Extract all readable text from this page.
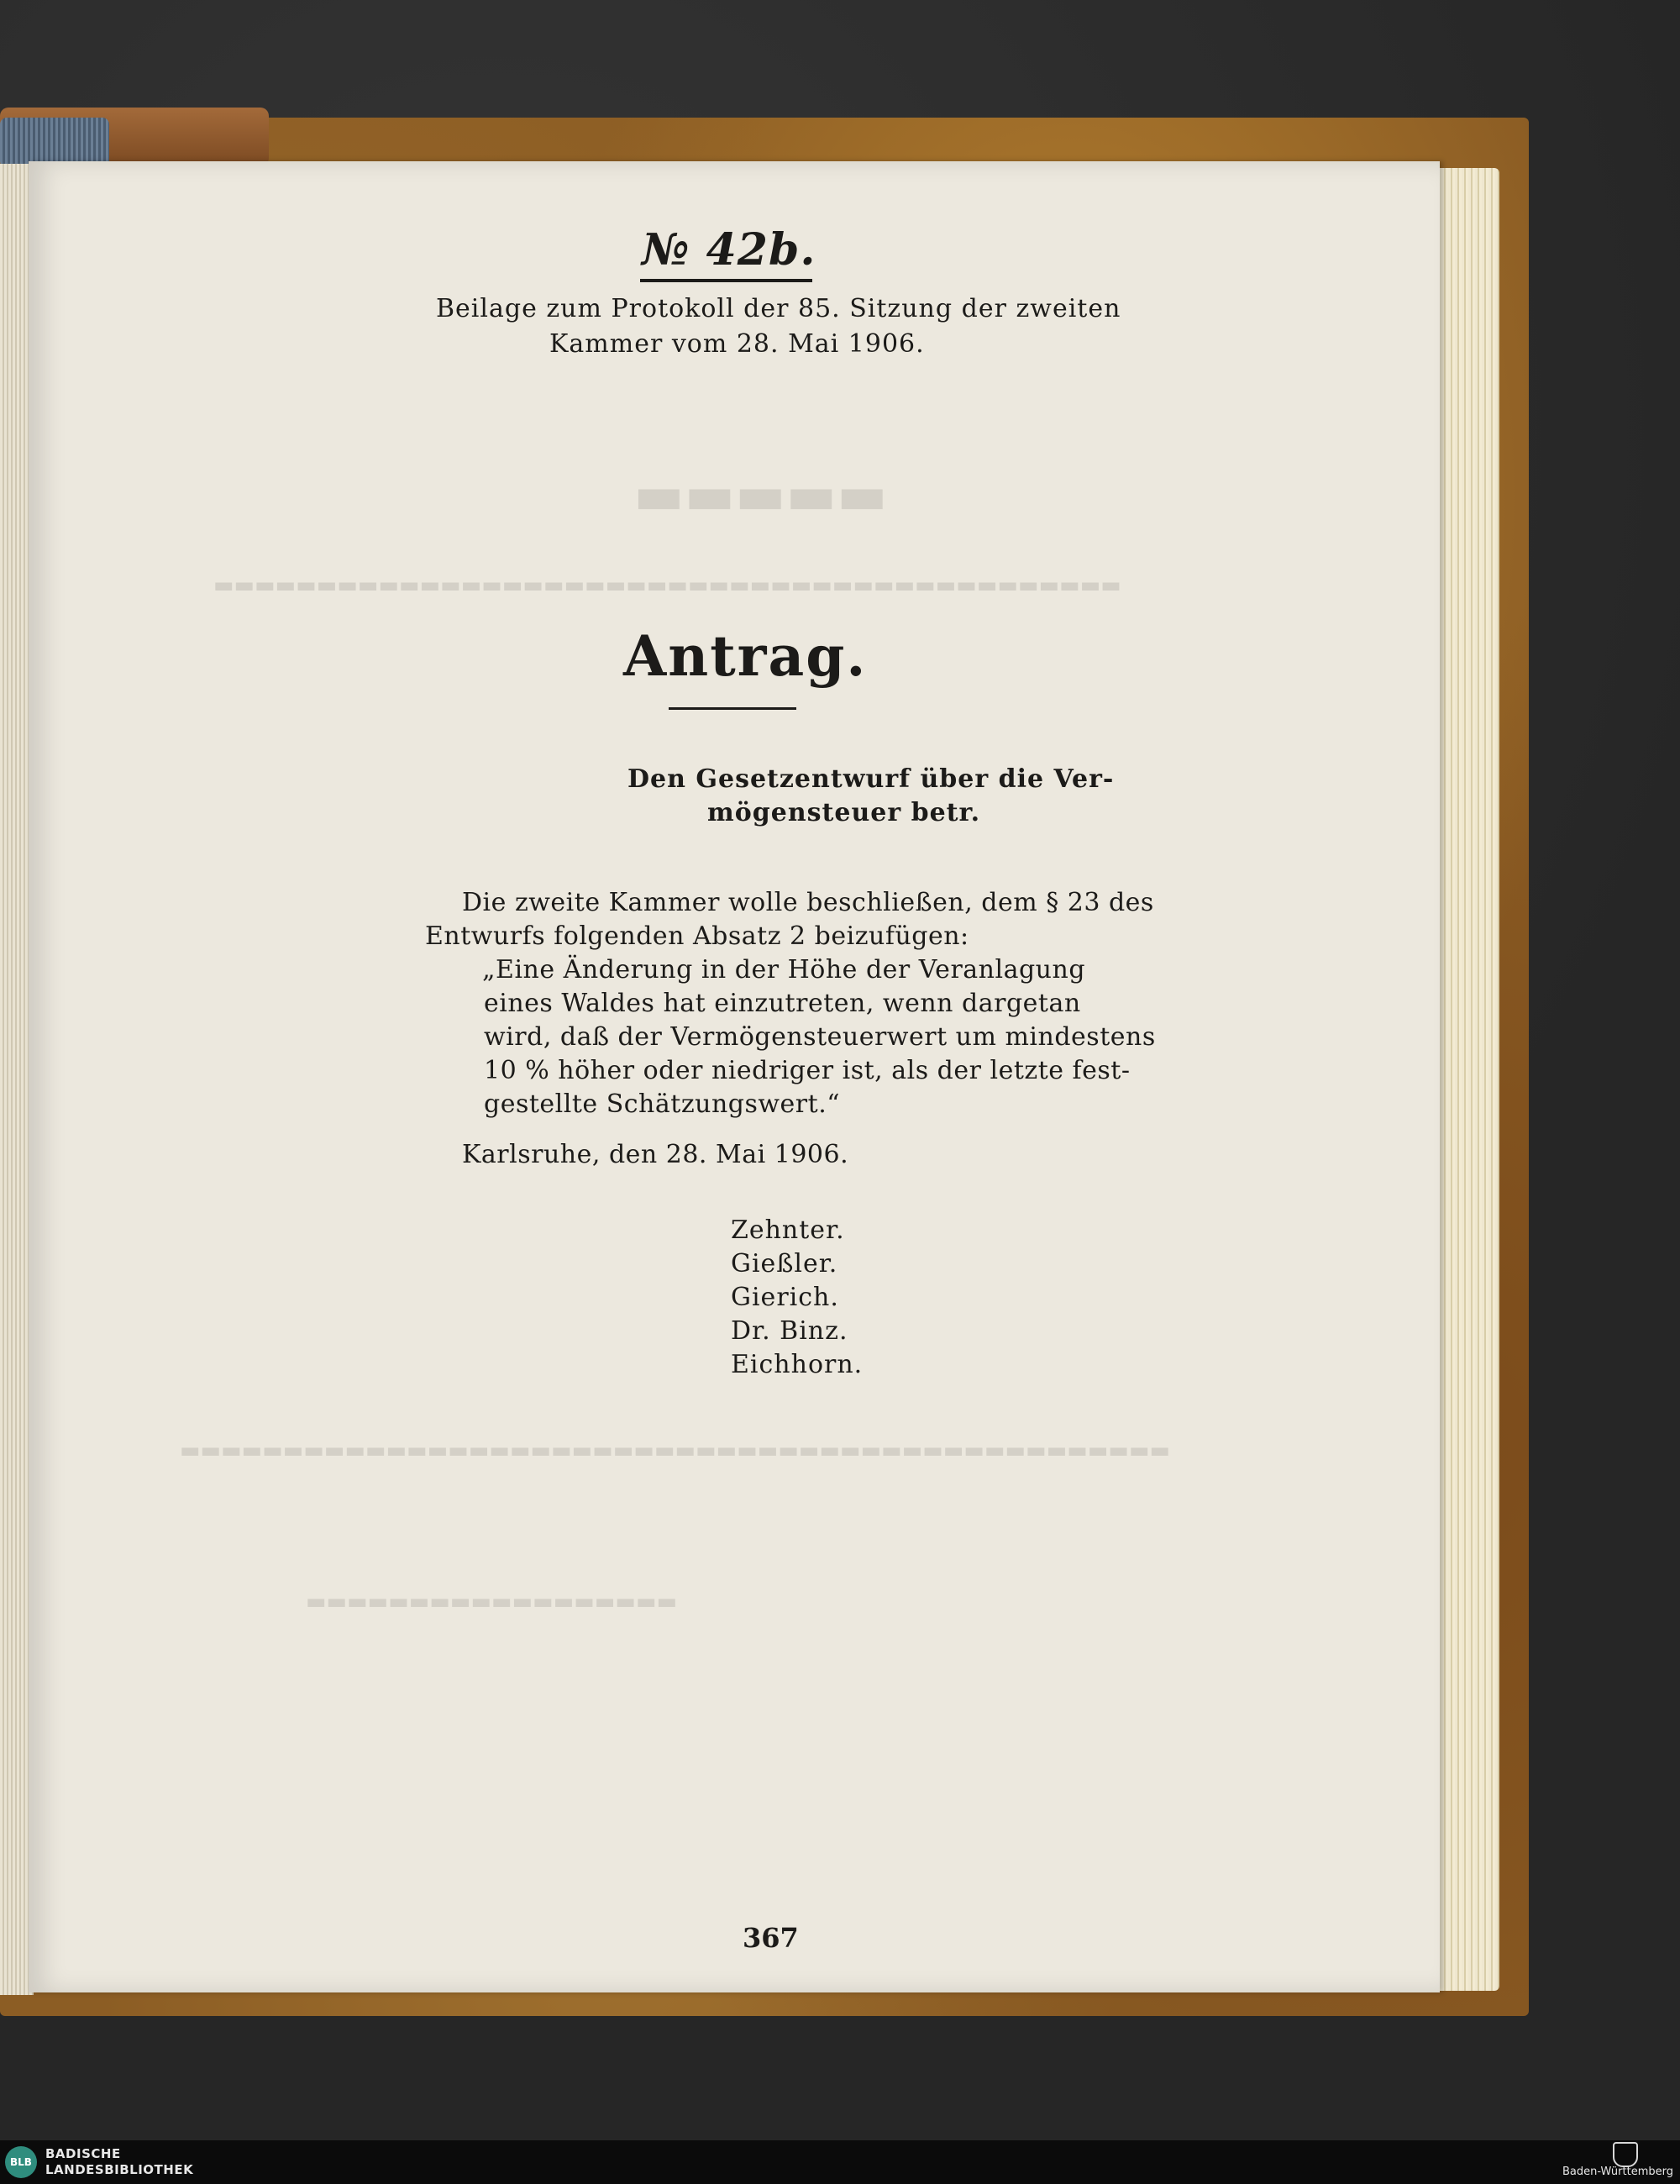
▬▬▬▬▬
▬▬▬▬▬▬▬▬▬▬▬▬▬▬▬▬▬▬▬▬▬▬▬▬▬▬▬▬▬▬▬▬▬▬▬▬▬▬▬▬▬▬▬▬
▬▬▬▬▬▬▬▬▬▬▬▬▬▬▬▬▬▬▬▬▬▬▬▬▬▬▬▬▬▬▬▬▬▬▬▬▬▬▬▬▬▬▬▬▬▬▬▬
▬▬▬▬▬▬▬▬▬▬▬▬▬▬▬▬▬▬
№ 42b.
Beilage zum Protokoll der 85. Sitzung der zweiten
Kammer vom 28. Mai 1906.
Antrag.
Den Gesetzentwurf über die Ver-
mögensteuer betr.
Die zweite Kammer wolle beschließen, dem § 23 des
Entwurfs folgenden Absatz 2 beizufügen:
„Eine Änderung in der Höhe der Veranlagung
eines Waldes hat einzutreten, wenn dargetan
wird, daß der Vermögensteuerwert um mindestens
10 % höher oder niedriger ist, als der letzte fest-
gestellte Schätzungswert.“
Karlsruhe, den 28. Mai 1906.
Zehnter.
Gießler.
Gierich.
Dr. Binz.
Eichhorn.
367
BLB
BADISCHE
LANDESBIBLIOTHEK	Baden-Württemberg
